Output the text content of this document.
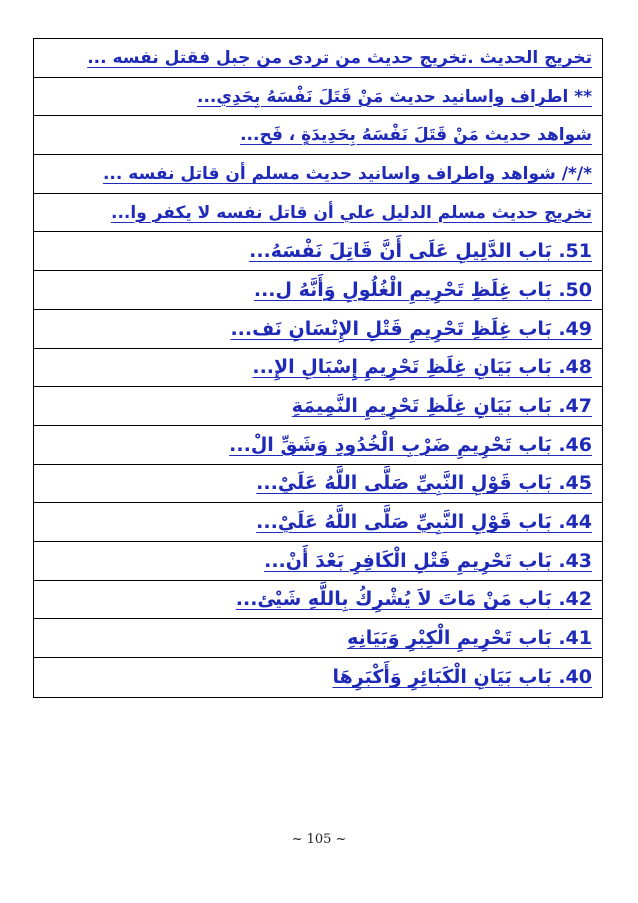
تخريج الحديث .تخريج حديث من تردى من جبل فقتل نفسه ...
** اطراف واسانيد حديث مَنْ قَتَلَ نَفْسَهُ بِحَدِي...
شواهد حديث مَنْ قَتَلَ نَفْسَهُ بِحَدِيدَةٍ ، فَح...
*/*/ شواهد واطراف واسانيد حديث مسلم أن قاتل نفسه ...
تخريج حديث مسلم الدليل علي أن قاتل نفسه لا يكفر وا...
51. بَاب الدَّلِيلِ عَلَى أَنَّ قَاتِلَ نَفْسَهُ...
50. بَاب غِلَظِ تَحْرِيمِ الْغُلُولِ وَأَنَّهُ ل...
49. بَاب غِلَظِ تَحْرِيمِ قَتْلِ الإِنْسَانِ نَف...
48. بَاب بَيَانِ غِلَظِ تَحْرِيمِ إِسْبَالِ الإِ...
47. بَاب بَيَانِ غِلَظِ تَحْرِيمِ النَّمِيمَةِ
46. بَاب تَحْرِيمِ ضَرْبِ الْخُدُودِ وَشَقِّ الْ...
45. بَاب قَوْلِ النَّبِيِّ صَلَّى اللَّهُ عَلَيْ...
44. بَاب قَوْلِ النَّبِيِّ صَلَّى اللَّهُ عَلَيْ...
43. بَاب تَحْرِيمِ قَتْلِ الْكَافِرِ بَعْدَ أَنْ...
42. بَاب مَنْ مَاتَ لاَ يُشْرِكُ بِاللَّهِ شَيْئ...
41. بَاب تَحْرِيمِ الْكِبْرِ وَبَيَانِهِ
40. بَاب بَيَانِ الْكَبَائِرِ وَأَكْبَرِهَا
~ 105 ~
